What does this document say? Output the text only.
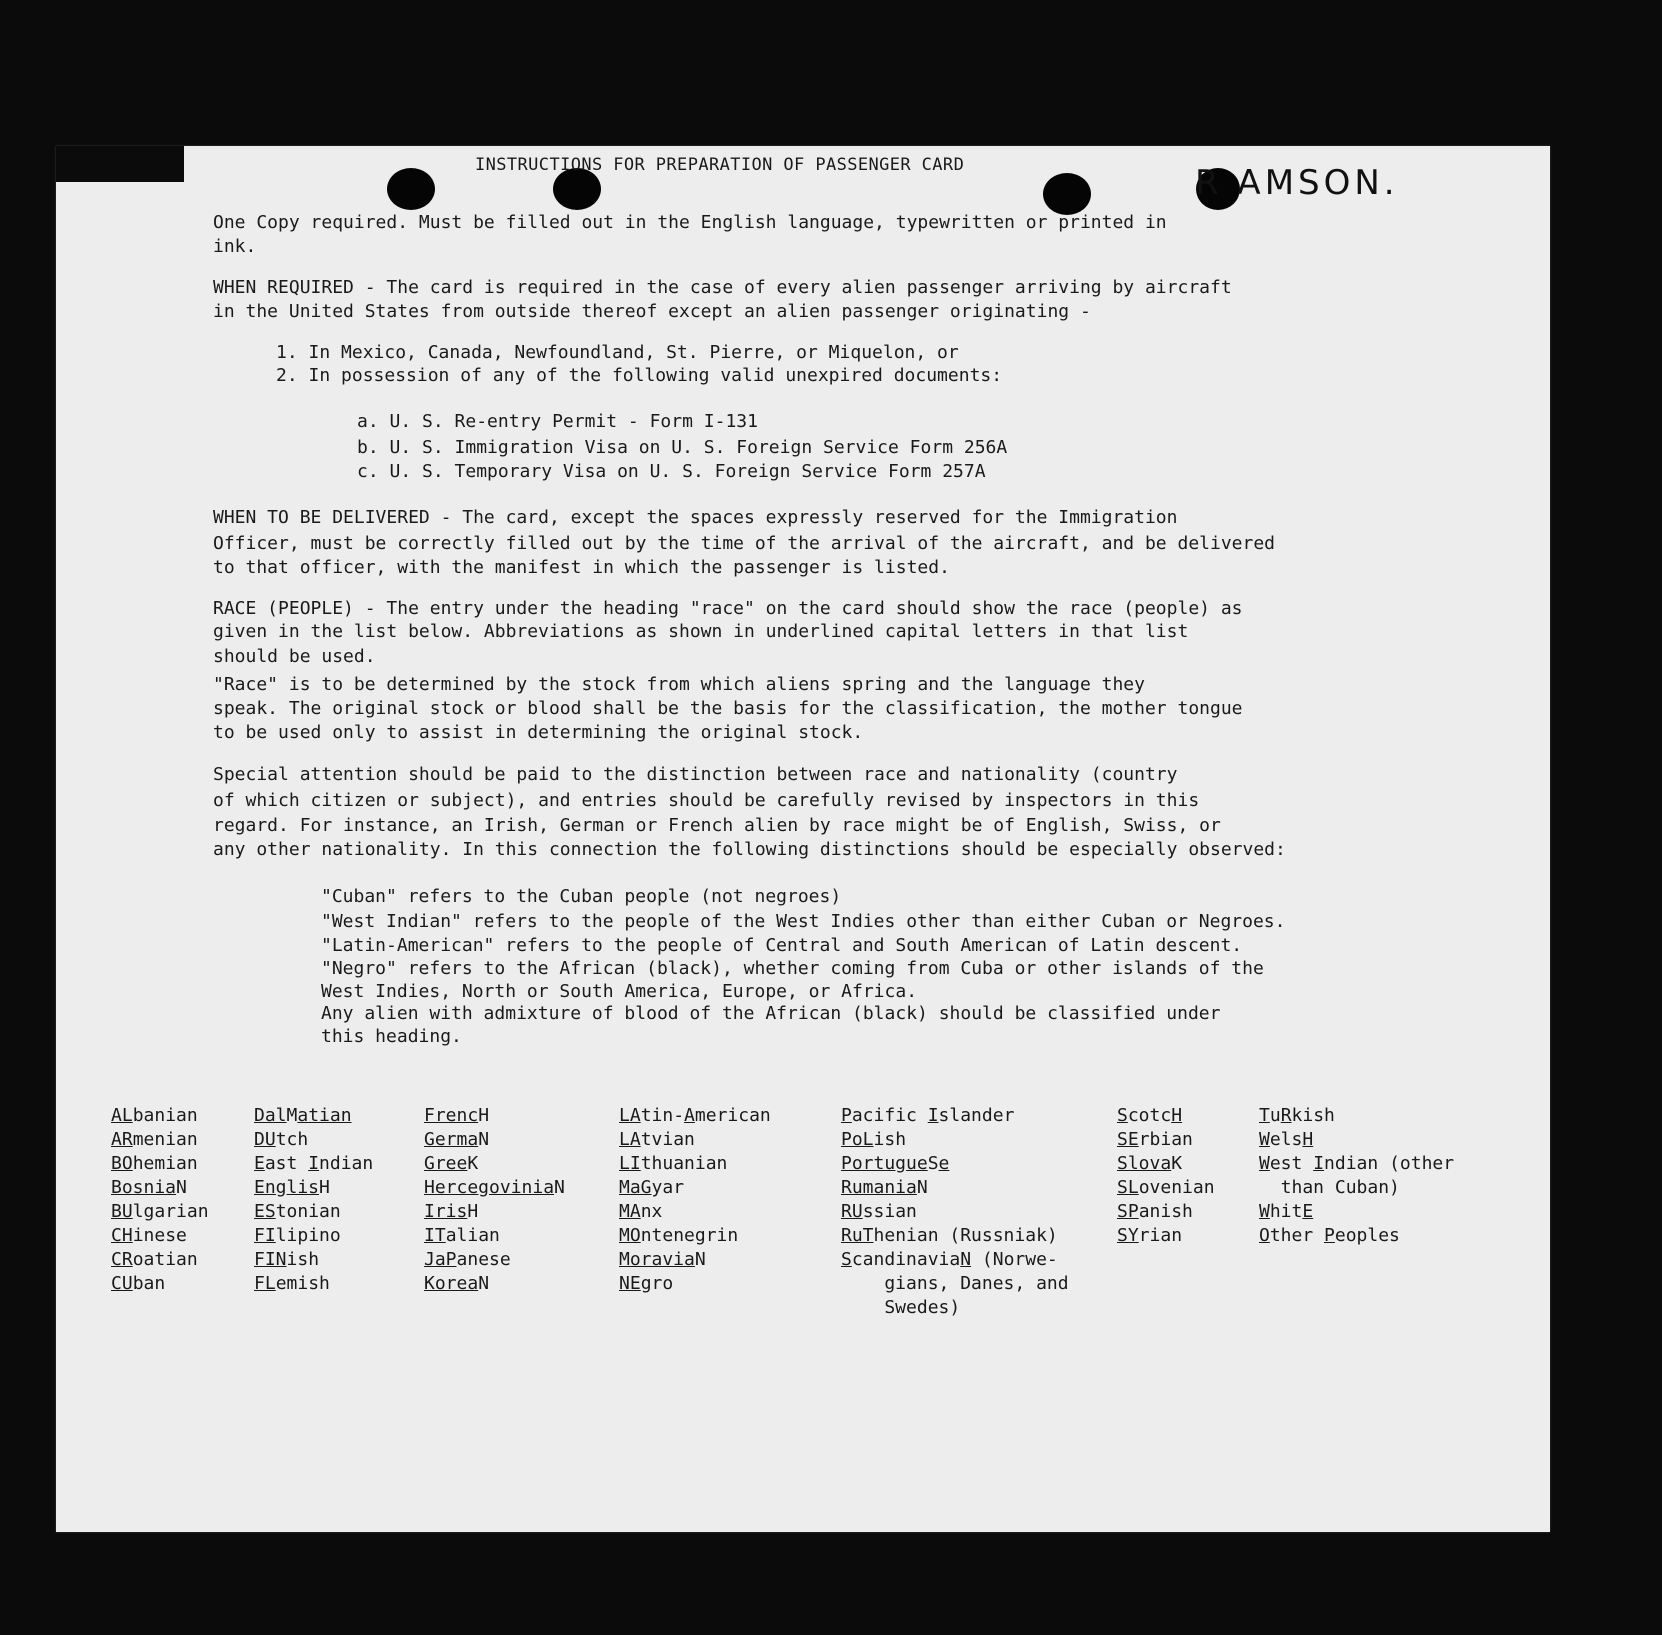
INSTRUCTIONS FOR PREPARATION OF PASSENGER CARD	R AMSON.
One Copy required. Must be filled out in the English language, typewritten or printed in
ink.
WHEN REQUIRED - The card is required in the case of every alien passenger arriving by aircraft
in the United States from outside thereof except an alien passenger originating -
1. In Mexico, Canada, Newfoundland, St. Pierre, or Miquelon, or
2. In possession of any of the following valid unexpired documents:
a. U. S. Re-entry Permit - Form I-131
b. U. S. Immigration Visa on U. S. Foreign Service Form 256A
c. U. S. Temporary Visa on U. S. Foreign Service Form 257A
WHEN TO BE DELIVERED - The card, except the spaces expressly reserved for the Immigration
Officer, must be correctly filled out by the time of the arrival of the aircraft, and be delivered
to that officer, with the manifest in which the passenger is listed.
RACE (PEOPLE) - The entry under the heading "race" on the card should show the race (people) as
given in the list below. Abbreviations as shown in underlined capital letters in that list
should be used.
"Race" is to be determined by the stock from which aliens spring and the language they
speak. The original stock or blood shall be the basis for the classification, the mother tongue
to be used only to assist in determining the original stock.
Special attention should be paid to the distinction between race and nationality (country
of which citizen or subject), and entries should be carefully revised by inspectors in this
regard. For instance, an Irish, German or French alien by race might be of English, Swiss, or
any other nationality. In this connection the following distinctions should be especially observed:
"Cuban" refers to the Cuban people (not negroes)
"West Indian" refers to the people of the West Indies other than either Cuban or Negroes.
"Latin-American" refers to the people of Central and South American of Latin descent.
"Negro" refers to the African (black), whether coming from Cuba or other islands of the
West Indies, North or South America, Europe, or Africa.
Any alien with admixture of blood of the African (black) should be classified under
this heading.
ALbanian
ARmenian
BOhemian
BosniaN
BUlgarian
CHinese
CRoatian
CUban
DalMatian
DUtch
East Indian
EnglisH
EStonian
FIlipino
FINish
FLemish
FrencH
GermaN
GreeK
HercegoviniaN
IrisH
ITalian
JaPanese
KoreaN
LAtin-American
LAtvian
LIthuanian
MaGyar
MAnx
MOntenegrin
MoraviaN
NEgro
Pacific Islander
PoLish
PortugueSe
RumaniaN
RUssian
RuThenian (Russniak)
ScandinaviaN (Norwe-
gians, Danes, and
Swedes)
ScotcH
SErbian
SlovaK
SLovenian
SPanish
SYrian
TuRkish
WelsH
West Indian (other
than Cuban)
WhitE
Other Peoples
